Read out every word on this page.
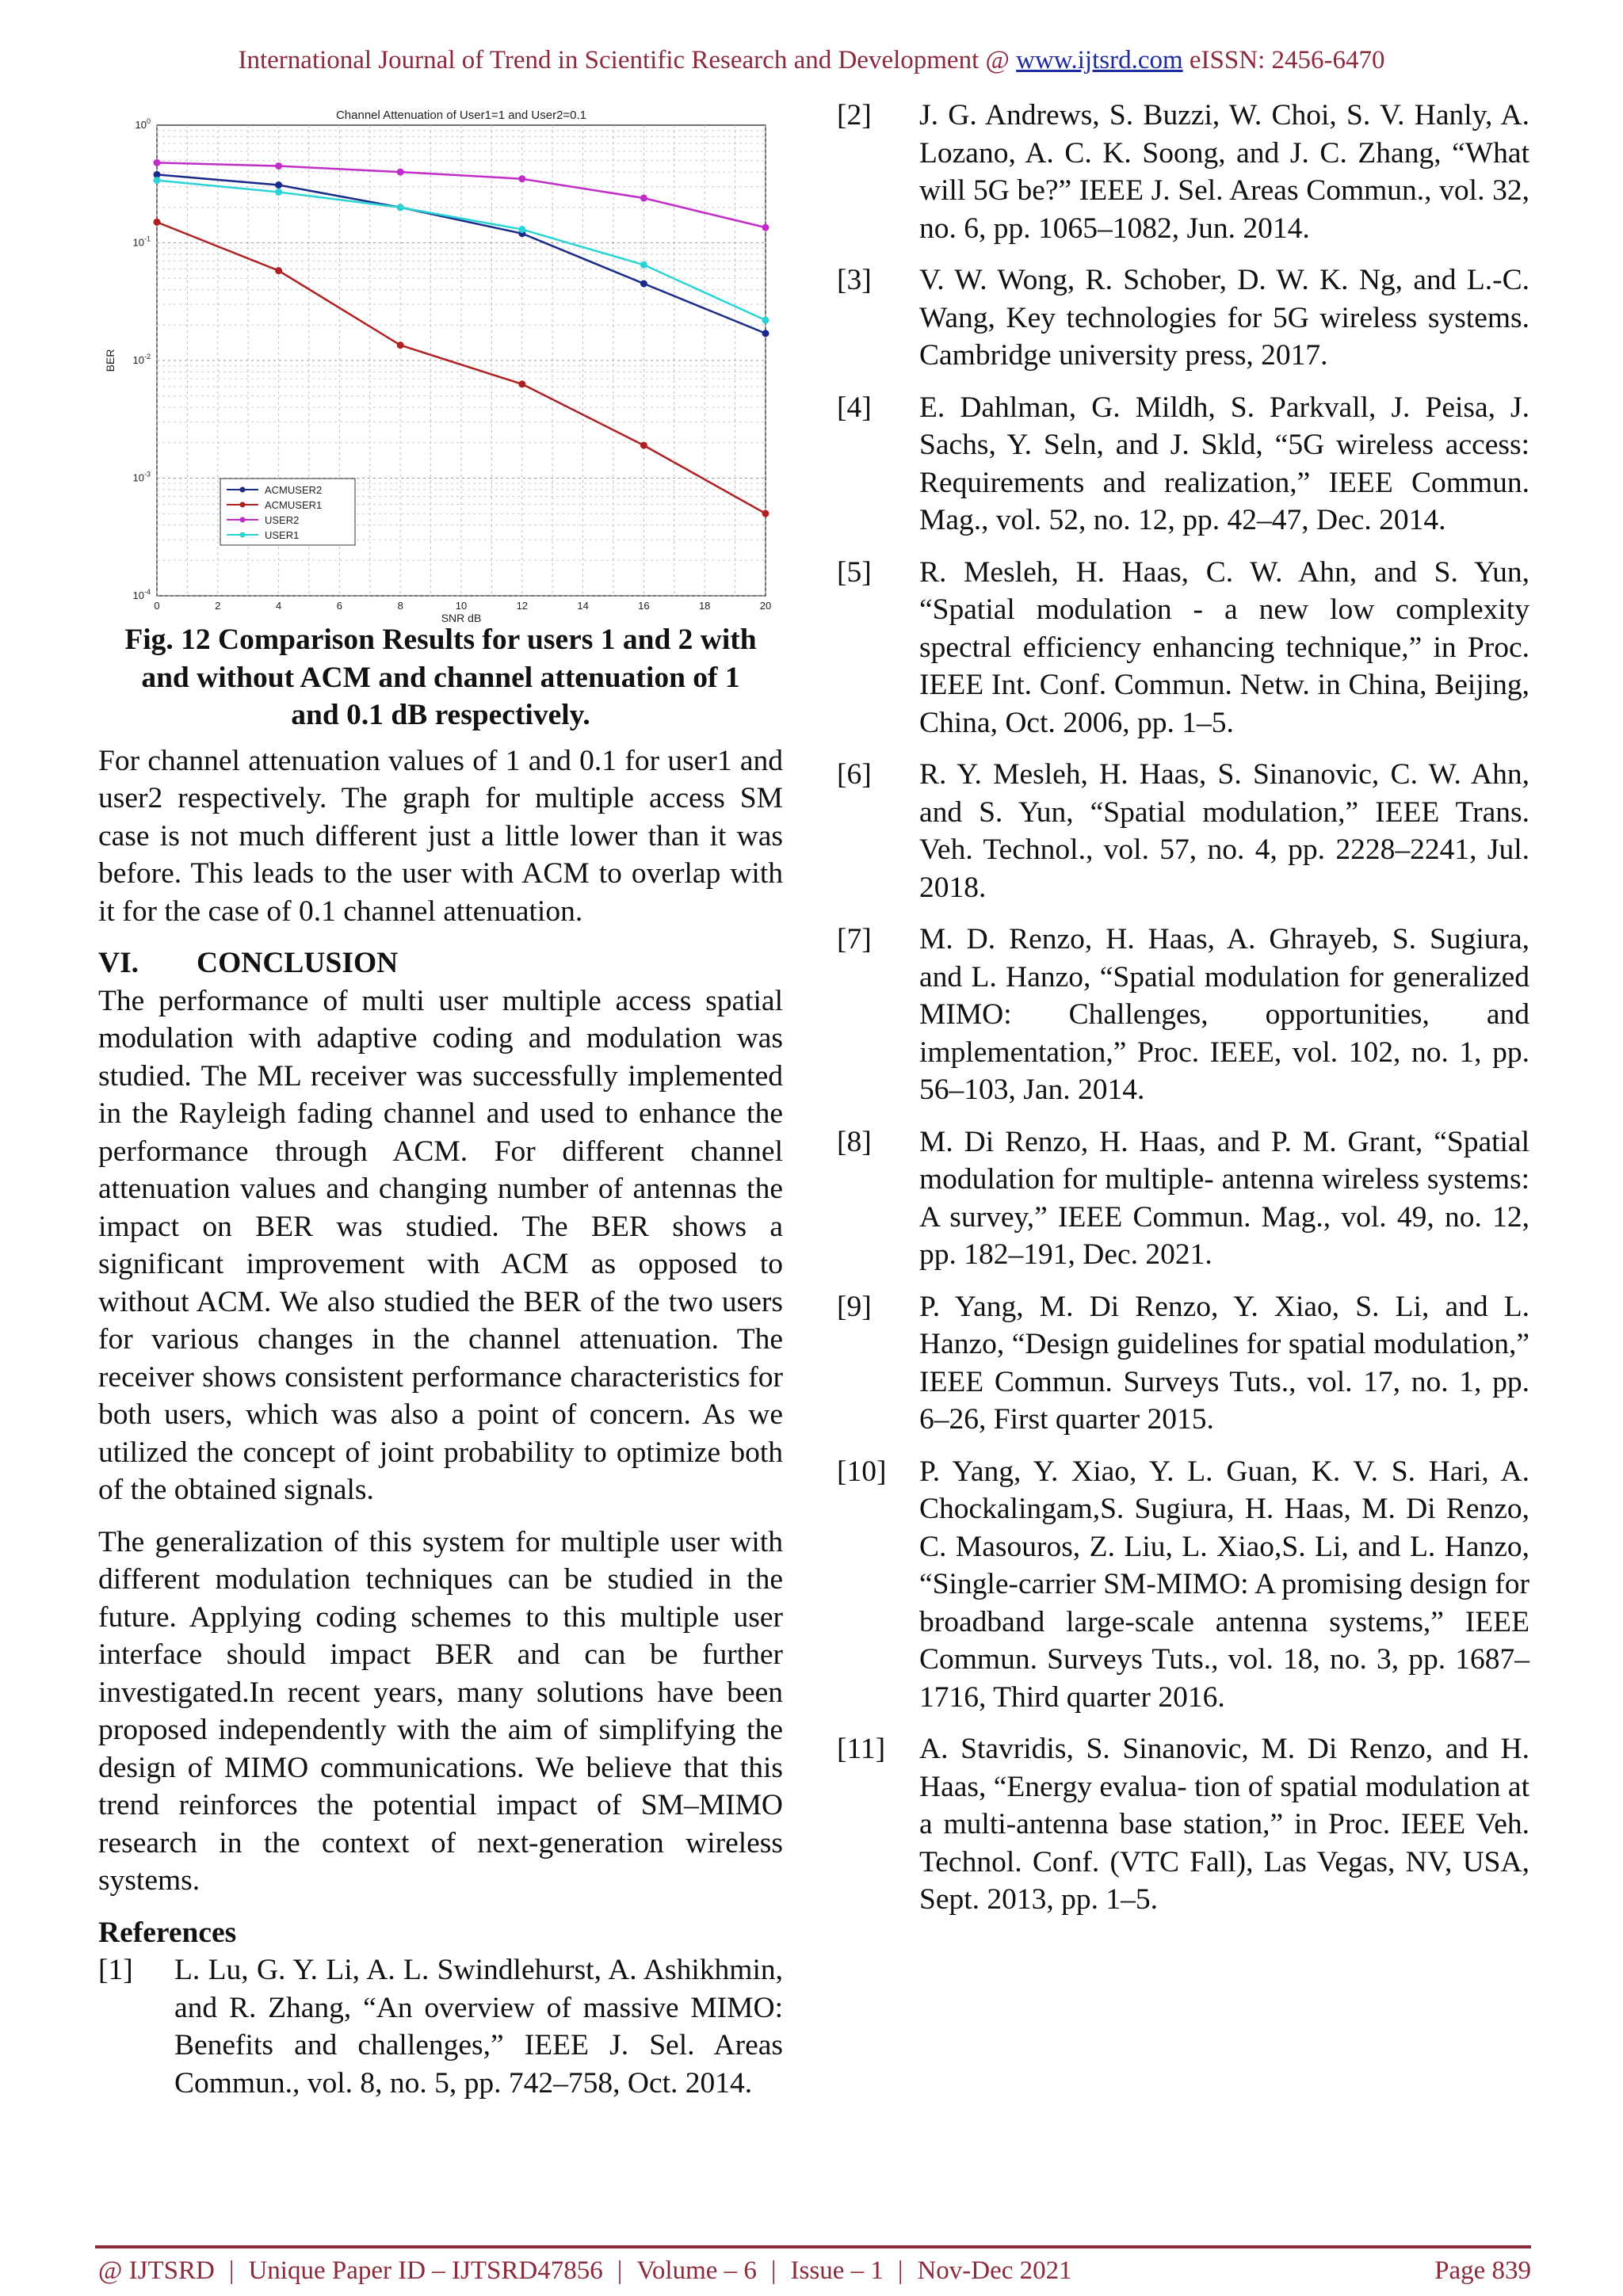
International Journal of Trend in Scientific Research and Development @ www.ijtsrd.com eISSN: 2456-6470
Channel Attenuation of User1=1 and User2=0.1
0	2	4	6	8	10	12	14	16	18	20
SNR dB
$10^0$
$10^{-1}$
$10^{-2}$
$10^{-3}$
$10^{-4}$
BER
ACMUSER2
ACMUSER1
USER2
USER1
Fig. 12 Comparison Results for users 1 and 2 with and without ACM and channel attenuation of 1 and 0.1 dB respectively.

For channel attenuation values of 1 and 0.1 for user1 and user2 respectively. The graph for multiple access SM case is not much different just a little lower than it was before. This leads to the user with ACM to overlap with it for the case of 0.1 channel attenuation.

VI. CONCLUSION

The performance of multi user multiple access spatial modulation with adaptive coding and modulation was studied. The ML receiver was successfully implemented in the Rayleigh fading channel and used to enhance the performance through ACM. For different channel attenuation values and changing number of antennas the impact on BER was studied. The BER shows a significant improvement with ACM as opposed to without ACM. We also studied the BER of the two users for various changes in the channel attenuation. The receiver shows consistent performance characteristics for both users, which was also a point of concern. As we utilized the concept of joint probability to optimize both of the obtained signals.

The generalization of this system for multiple user with different modulation techniques can be studied in the future. Applying coding schemes to this multiple user interface should impact BER and can be further investigated.In recent years, many solutions have been proposed independently with the aim of simplifying the design of MIMO communications. We believe that this trend reinforces the potential impact of SM–MIMO research in the context of next-generation wireless systems.

References
[1]	L. Lu, G. Y. Li, A. L. Swindlehurst, A. Ashikhmin, and R. Zhang, “An overview of massive MIMO: Benefits and challenges,” IEEE J. Sel. Areas Commun., vol. 8, no. 5, pp. 742–758, Oct. 2014.
[2]	J. G. Andrews, S. Buzzi, W. Choi, S. V. Hanly, A. Lozano, A. C. K. Soong, and J. C. Zhang, “What will 5G be?” IEEE J. Sel. Areas Commun., vol. 32, no. 6, pp. 1065–1082, Jun. 2014.
[3]	V. W. Wong, R. Schober, D. W. K. Ng, and L.-C. Wang, Key technologies for 5G wireless systems. Cambridge university press, 2017.
[4]	E. Dahlman, G. Mildh, S. Parkvall, J. Peisa, J. Sachs, Y. Seln, and J. Skld, “5G wireless access: Requirements and realization,” IEEE Commun. Mag., vol. 52, no. 12, pp. 42–47, Dec. 2014.
[5]	R. Mesleh, H. Haas, C. W. Ahn, and S. Yun, “Spatial modulation - a new low complexity spectral efficiency enhancing technique,” in Proc. IEEE Int. Conf. Commun. Netw. in China, Beijing, China, Oct. 2006, pp. 1–5.
[6]	R. Y. Mesleh, H. Haas, S. Sinanovic, C. W. Ahn, and S. Yun, “Spatial modulation,” IEEE Trans. Veh. Technol., vol. 57, no. 4, pp. 2228–2241, Jul. 2018.
[7]	M. D. Renzo, H. Haas, A. Ghrayeb, S. Sugiura, and L. Hanzo, “Spatial modulation for generalized MIMO: Challenges, opportunities, and implementation,” Proc. IEEE, vol. 102, no. 1, pp. 56–103, Jan. 2014.
[8]	M. Di Renzo, H. Haas, and P. M. Grant, “Spatial modulation for multiple- antenna wireless systems: A survey,” IEEE Commun. Mag., vol. 49, no. 12, pp. 182–191, Dec. 2021.
[9]	P. Yang, M. Di Renzo, Y. Xiao, S. Li, and L. Hanzo, “Design guidelines for spatial modulation,” IEEE Commun. Surveys Tuts., vol. 17, no. 1, pp. 6–26, First quarter 2015.
[10]	P. Yang, Y. Xiao, Y. L. Guan, K. V. S. Hari, A. Chockalingam,S. Sugiura, H. Haas, M. Di Renzo, C. Masouros, Z. Liu, L. Xiao,S. Li, and L. Hanzo, “Single-carrier SM-MIMO: A promising design for broadband large-scale antenna systems,” IEEE Commun. Surveys Tuts., vol. 18, no. 3, pp. 1687–1716, Third quarter 2016.
[11]	A. Stavridis, S. Sinanovic, M. Di Renzo, and H. Haas, “Energy evalua- tion of spatial modulation at a multi-antenna base station,” in Proc. IEEE Veh. Technol. Conf. (VTC Fall), Las Vegas, NV, USA, Sept. 2013, pp. 1–5.
@ IJTSRD | Unique Paper ID – IJTSRD47856 | Volume – 6 | Issue – 1 | Nov-Dec 2021	Page 839
